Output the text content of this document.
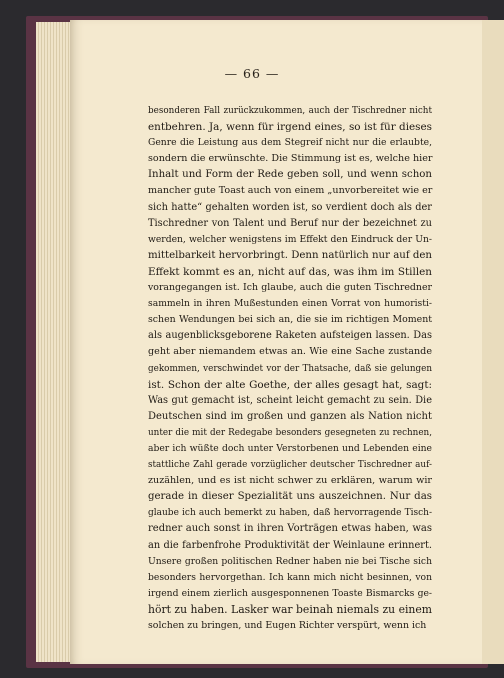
— 66 —
besonderen Fall zurückzukommen, auch der Tischredner nicht
entbehren. Ja, wenn für irgend eines, so ist für dieses
Genre die Leistung aus dem Stegreif nicht nur die erlaubte,
sondern die erwünschte. Die Stimmung ist es, welche hier
Inhalt und Form der Rede geben soll, und wenn schon
mancher gute Toast auch von einem „unvorbereitet wie er
sich hatte“ gehalten worden ist, so verdient doch als der
Tischredner von Talent und Beruf nur der bezeichnet zu
werden, welcher wenigstens im Effekt den Eindruck der Un-
mittelbarkeit hervorbringt. Denn natürlich nur auf den
Effekt kommt es an, nicht auf das, was ihm im Stillen
vorangegangen ist. Ich glaube, auch die guten Tischredner
sammeln in ihren Mußestunden einen Vorrat von humoristi-
schen Wendungen bei sich an, die sie im richtigen Moment
als augenblicksgeborene Raketen aufsteigen lassen. Das
geht aber niemandem etwas an. Wie eine Sache zustande
gekommen, verschwindet vor der Thatsache, daß sie gelungen
ist. Schon der alte Goethe, der alles gesagt hat, sagt:
Was gut gemacht ist, scheint leicht gemacht zu sein. Die
Deutschen sind im großen und ganzen als Nation nicht
unter die mit der Redegabe besonders gesegneten zu rechnen,
aber ich wüßte doch unter Verstorbenen und Lebenden eine
stattliche Zahl gerade vorzüglicher deutscher Tischredner auf-
zuzählen, und es ist nicht schwer zu erklären, warum wir
gerade in dieser Spezialität uns auszeichnen. Nur das
glaube ich auch bemerkt zu haben, daß hervorragende Tisch-
redner auch sonst in ihren Vorträgen etwas haben, was
an die farbenfrohe Produktivität der Weinlaune erinnert.
Unsere großen politischen Redner haben nie bei Tische sich
besonders hervorgethan. Ich kann mich nicht besinnen, von
irgend einem zierlich ausgesponnenen Toaste Bismarcks ge-
hört zu haben. Lasker war beinah niemals zu einem
solchen zu bringen, und Eugen Richter verspürt, wenn ich
